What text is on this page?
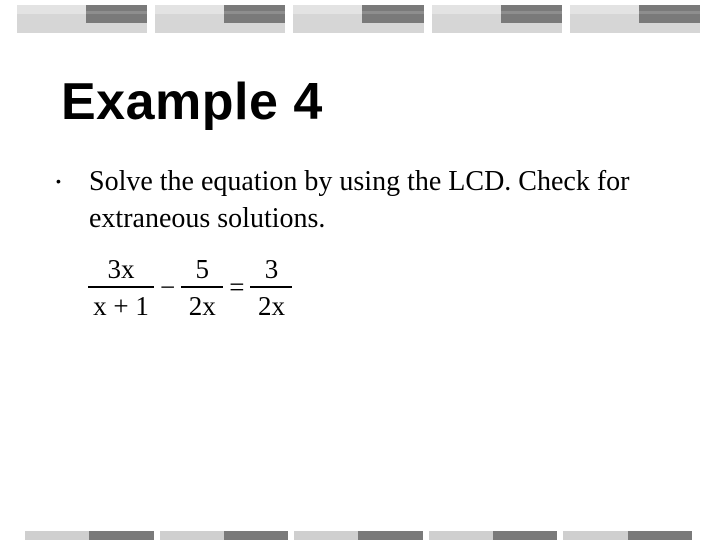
Example 4
• Solve the equation by using the LCD. Check for extraneous solutions.
$\frac{3x}{x + 1} - \frac{5}{2x} = \frac{3}{2x}$
